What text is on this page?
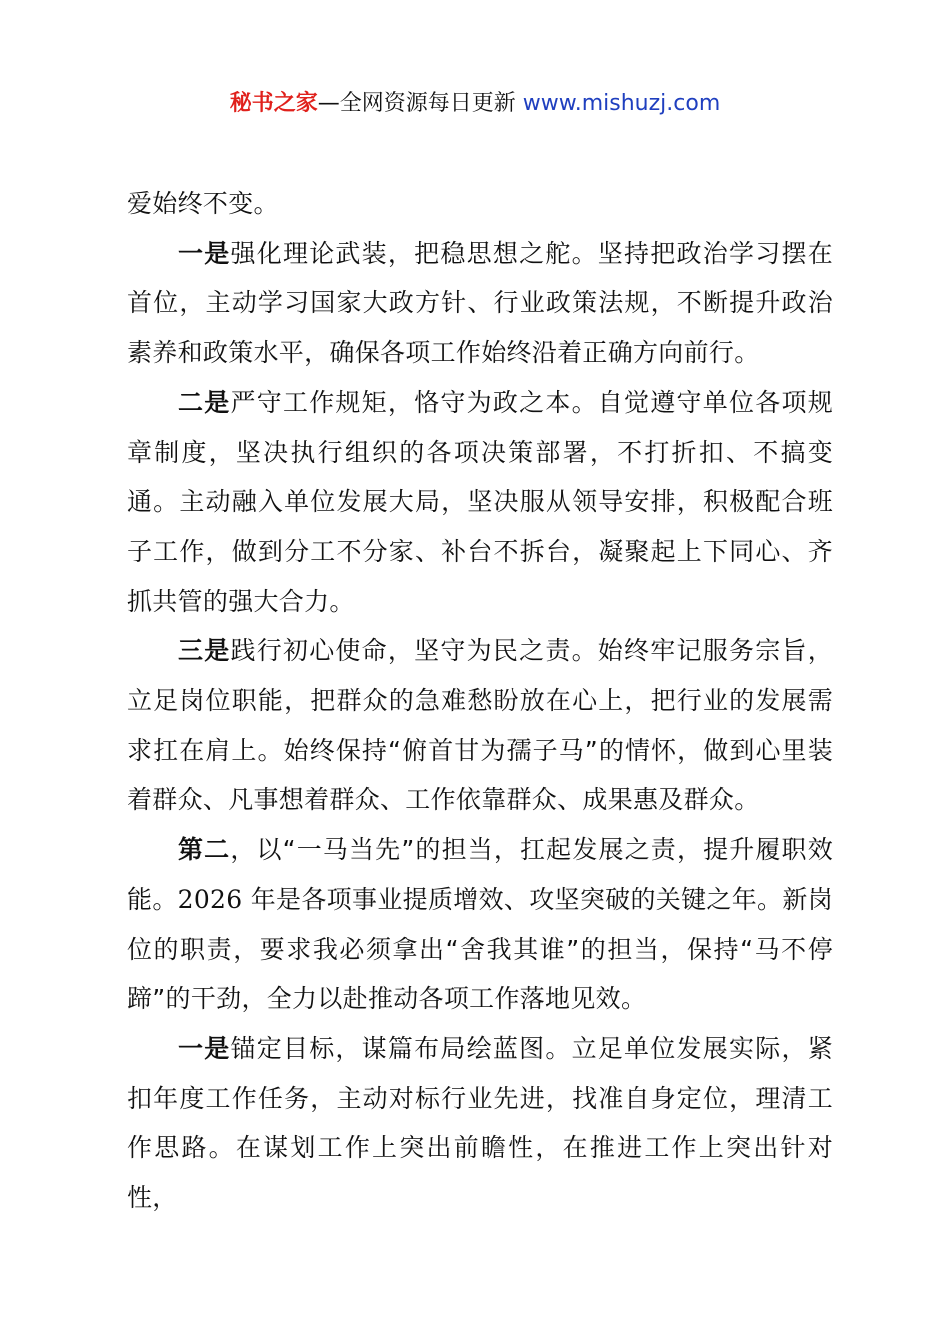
秘书之家—全网资源每日更新 www.mishuzj.com

爱始终不变。

一是强化理论武装，把稳思想之舵。坚持把政治学习摆在首位，主动学习国家大政方针、行业政策法规，不断提升政治素养和政策水平，确保各项工作始终沿着正确方向前行。

二是严守工作规矩，恪守为政之本。自觉遵守单位各项规章制度，坚决执行组织的各项决策部署，不打折扣、不搞变通。主动融入单位发展大局，坚决服从领导安排，积极配合班子工作，做到分工不分家、补台不拆台，凝聚起上下同心、齐抓共管的强大合力。

三是践行初心使命，坚守为民之责。始终牢记服务宗旨，立足岗位职能，把群众的急难愁盼放在心上，把行业的发展需求扛在肩上。始终保持“俯首甘为孺子马”的情怀，做到心里装着群众、凡事想着群众、工作依靠群众、成果惠及群众。

第二，以“一马当先”的担当，扛起发展之责，提升履职效能。2026 年是各项事业提质增效、攻坚突破的关键之年。新岗位的职责，要求我必须拿出“舍我其谁”的担当，保持“马不停蹄”的干劲，全力以赴推动各项工作落地见效。

一是锚定目标，谋篇布局绘蓝图。立足单位发展实际，紧扣年度工作任务，主动对标行业先进，找准自身定位，理清工作思路。在谋划工作上突出前瞻性，在推进工作上突出针对性，
